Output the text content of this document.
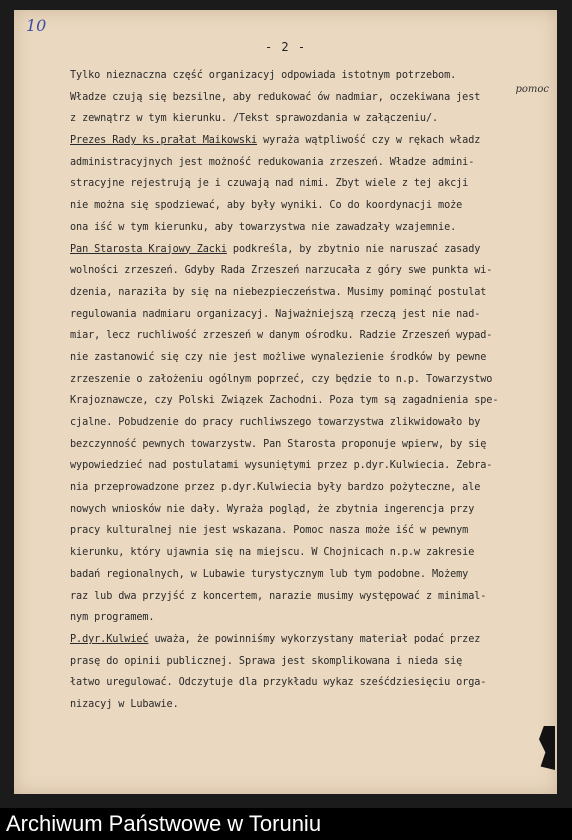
10
- 2 -
pomoc
Tylko nieznaczna część organizacyj odpowiada istotnym potrzebom.
Władze czują się bezsilne, aby redukować ów nadmiar, oczekiwana jest
z zewnątrz w tym kierunku. /Tekst sprawozdania w załączeniu/.
Prezes Rady ks.prałat Maikowski wyraża wątpliwość czy w rękach władz
administracyjnych jest możność redukowania zrzeszeń. Władze admini-
stracyjne rejestrują je i czuwają nad nimi. Zbyt wiele z tej akcji
nie można się spodziewać, aby były wyniki. Co do koordynacji może
ona iść w tym kierunku, aby towarzystwa nie zawadzały wzajemnie.
Pan Starosta Krajowy Zacki podkreśla, by zbytnio nie naruszać zasady
wolności zrzeszeń. Gdyby Rada Zrzeszeń narzucała z góry swe punkta wi-
dzenia, naraziła by się na niebezpieczeństwa. Musimy pominąć postulat
regulowania nadmiaru organizacyj. Najważniejszą rzeczą jest nie nad-
miar, lecz ruchliwość zrzeszeń w danym ośrodku. Radzie Zrzeszeń wypad-
nie zastanowić się czy nie jest możliwe wynalezienie środków by pewne
zrzeszenie o założeniu ogólnym poprzeć, czy będzie to n.p. Towarzystwo
Krajoznawcze, czy Polski Związek Zachodni. Poza tym są zagadnienia spe-
cjalne. Pobudzenie do pracy ruchliwszego towarzystwa zlikwidowało by
bezczynność pewnych towarzystw. Pan Starosta proponuje wpierw, by się
wypowiedzieć nad postulatami wysuniętymi przez p.dyr.Kulwiecia. Zebra-
nia przeprowadzone przez p.dyr.Kulwiecia były bardzo pożyteczne, ale
nowych wniosków nie dały. Wyraża pogląd, że zbytnia ingerencja przy
pracy kulturalnej nie jest wskazana. Pomoc nasza może iść w pewnym
kierunku, który ujawnia się na miejscu. W Chojnicach n.p.w zakresie
badań regionalnych, w Lubawie turystycznym lub tym podobne. Możemy
raz lub dwa przyjść z koncertem, narazie musimy występować z minimal-
nym programem.
P.dyr.Kulwieć uważa, że powinniśmy wykorzystany materiał podać przez
prasę do opinii publicznej. Sprawa jest skomplikowana i nieda się
łatwo uregulować. Odczytuje dla przykładu wykaz sześćdziesięciu orga-
nizacyj w Lubawie.
Archiwum Państwowe w Toruniu
